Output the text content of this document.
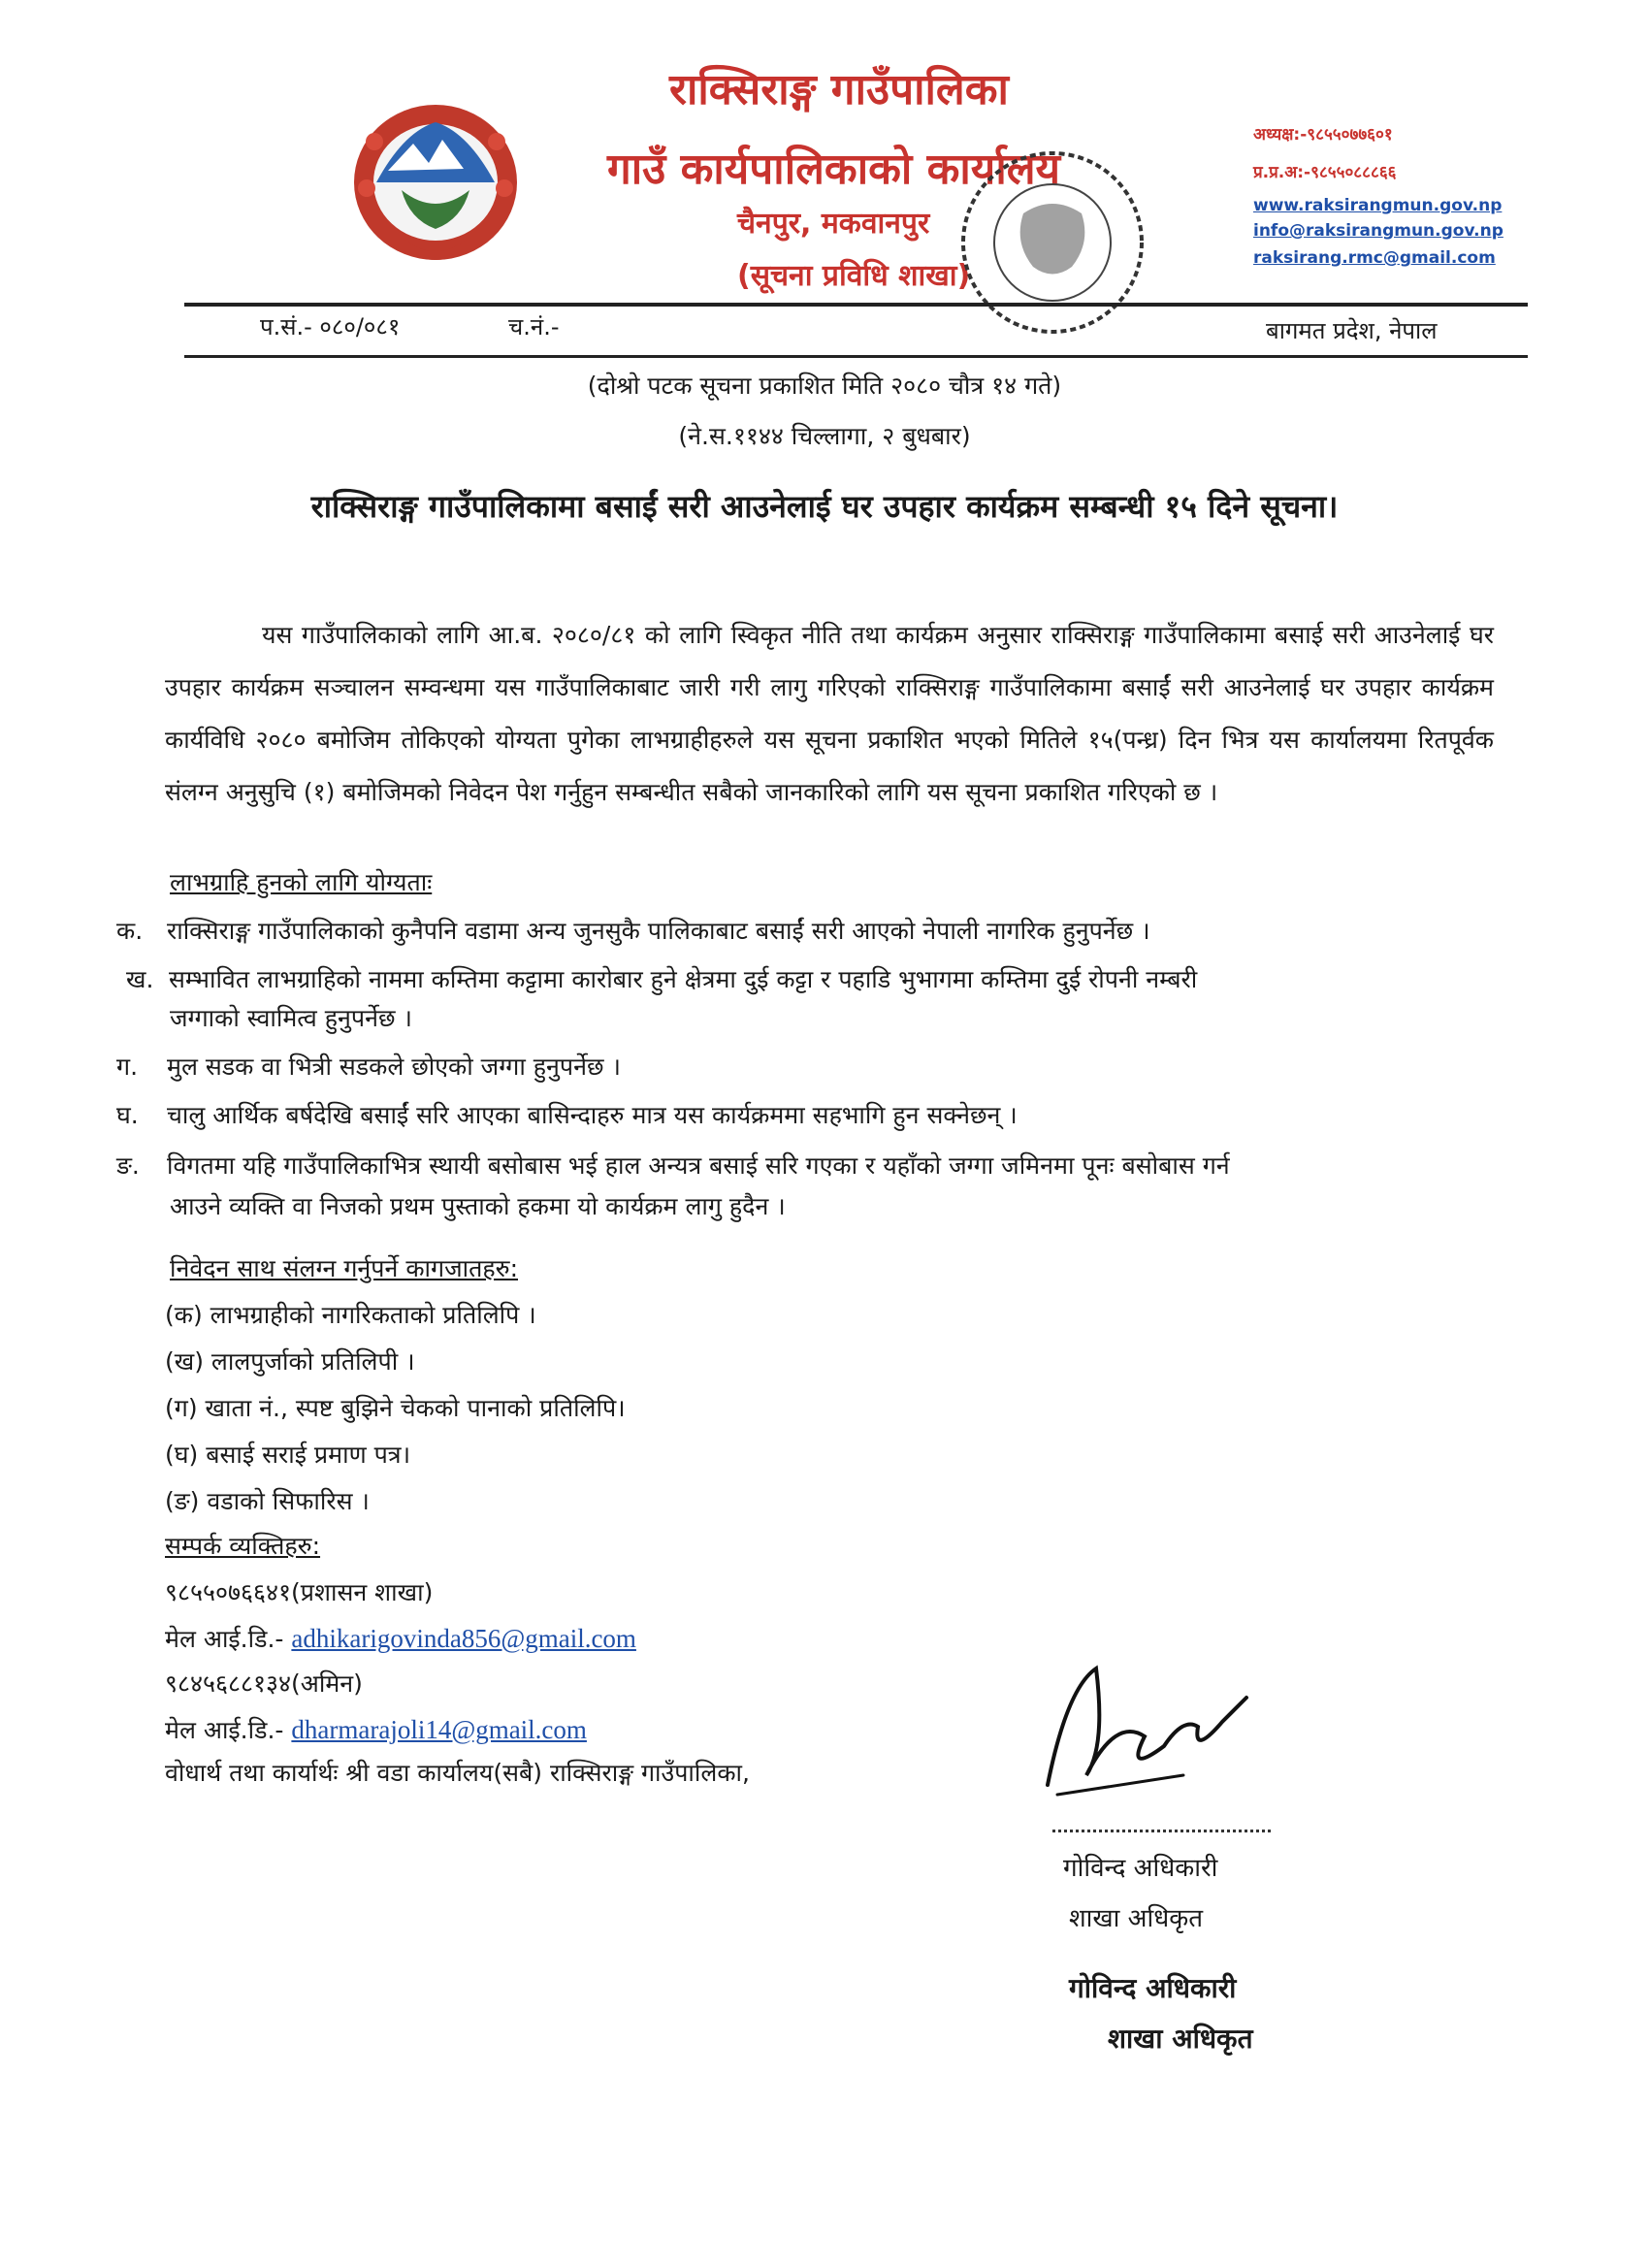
राक्सिराङ्ग गाउँपालिका
गाउँ कार्यपालिकाको कार्यालय
चैनपुर, मकवानपुर
(सूचना प्रविधि शाखा)
अध्यक्ष:-९८५५०७७६०१
प्र.प्र.अ:-९८५५०८८८६६
www.raksirangmun.gov.np
info@raksirangmun.gov.np
raksirang.rmc@gmail.com
प.सं.- ०८०/०८१	च.नं.-	बागमत प्रदेश, नेपाल
(दोश्रो पटक सूचना प्रकाशित मिति २०८० चौत्र १४ गते)
(ने.स.११४४ चिल्लागा, २ बुधबार)
राक्सिराङ्ग गाउँपालिकामा बसाईं सरी आउनेलाई घर उपहार कार्यक्रम सम्बन्धी १५ दिने सूचना।

यस गाउँपालिकाको लागि आ.ब. २०८०/८१ को लागि स्विकृत नीति तथा कार्यक्रम अनुसार राक्सिराङ्ग गाउँपालिकामा बसाई सरी आउनेलाई घर उपहार कार्यक्रम सञ्चालन सम्वन्धमा यस गाउँपालिकाबाट जारी गरी लागु गरिएको राक्सिराङ्ग गाउँपालिकामा बसाईं सरी आउनेलाई घर उपहार कार्यक्रम कार्यविधि २०८० बमोजिम तोकिएको योग्यता पुगेका लाभग्राहीहरुले यस सूचना प्रकाशित भएको मितिले १५(पन्ध्र) दिन भित्र यस कार्यालयमा रितपूर्वक संलग्न अनुसुचि (१) बमोजिमको निवेदन पेश गर्नुहुन सम्बन्धीत सबैको जानकारिको लागि यस सूचना प्रकाशित गरिएको छ ।

लाभग्राहि हुनको लागि योग्यताः
क. राक्सिराङ्ग गाउँपालिकाको कुनैपनि वडामा अन्य जुनसुकै पालिकाबाट बसाईं सरी आएको नेपाली नागरिक हुनुपर्नेछ ।
ख. सम्भावित लाभग्राहिको नाममा कम्तिमा कट्टामा कारोबार हुने क्षेत्रमा दुई कट्टा र पहाडि भुभागमा कम्तिमा दुई रोपनी नम्बरी
जग्गाको स्वामित्व हुनुपर्नेछ ।
ग. मुल सडक वा भित्री सडकले छोएको जग्गा हुनुपर्नेछ ।
घ. चालु आर्थिक बर्षदेखि बसाईं सरि आएका बासिन्दाहरु मात्र यस कार्यक्रममा सहभागि हुन सक्नेछन् ।
ङ. विगतमा यहि गाउँपालिकाभित्र स्थायी बसोबास भई हाल अन्यत्र बसाई सरि गएका र यहाँको जग्गा जमिनमा पूनः बसोबास गर्न
आउने व्यक्ति वा निजको प्रथम पुस्ताको हकमा यो कार्यक्रम लागु हुदैन ।
निवेदन साथ संलग्न गर्नुपर्ने कागजातहरु:
(क) लाभग्राहीको नागरिकताको प्रतिलिपि ।
(ख) लालपुर्जाको प्रतिलिपी ।
(ग) खाता नं., स्पष्ट बुझिने चेकको पानाको प्रतिलिपि।
(घ) बसाई सराई प्रमाण पत्र।
(ङ) वडाको सिफारिस ।
सम्पर्क व्यक्तिहरु:
९८५५०७६६४१(प्रशासन शाखा)
मेल आई.डि.- adhikarigovinda856@gmail.com
९८४५६८८१३४(अमिन)
मेल आई.डि.- dharmarajoli14@gmail.com
वोधार्थ तथा कार्यार्थः श्री वडा कार्यालय(सबै) राक्सिराङ्ग गाउँपालिका,
गोविन्द अधिकारी
शाखा अधिकृत
गोविन्द अधिकारी
शाखा अधिकृत
